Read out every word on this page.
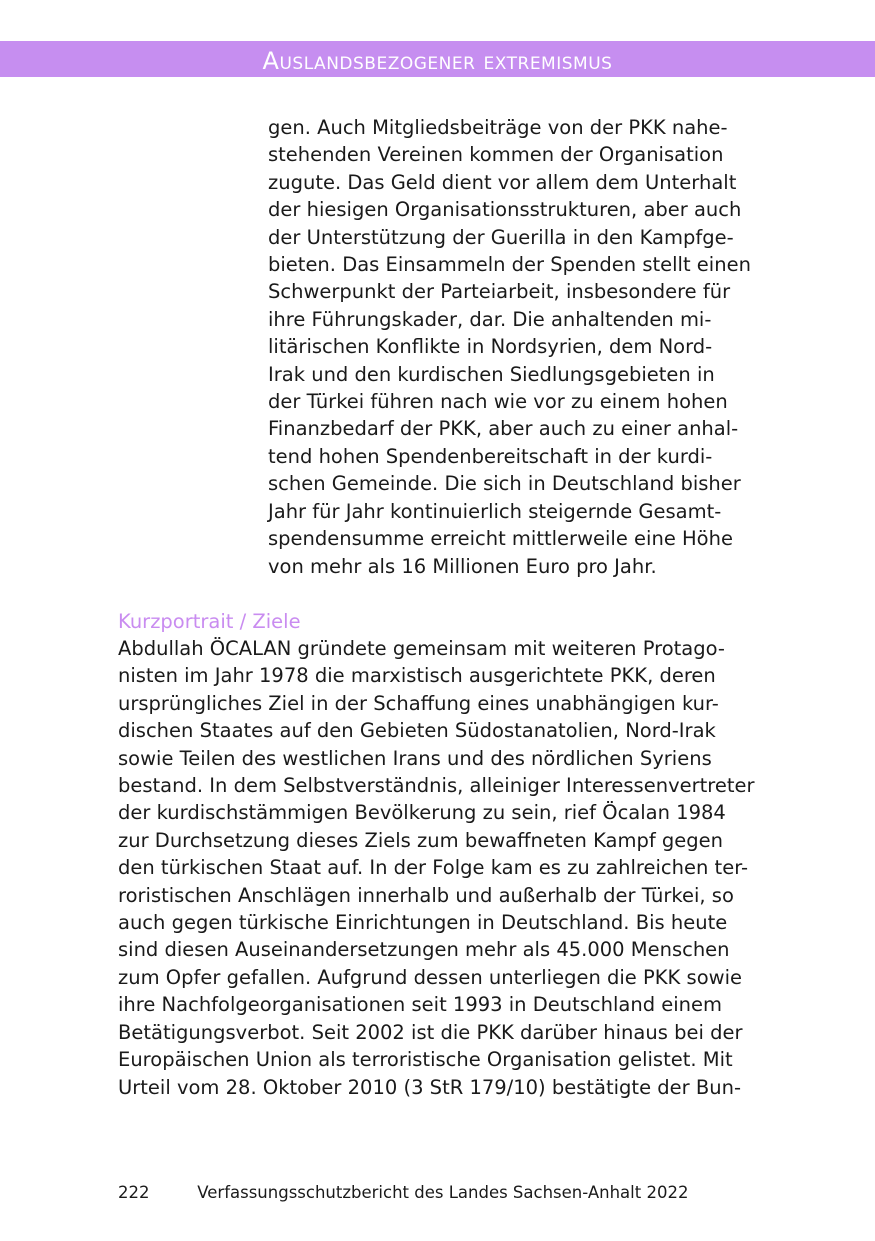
Auslandsbezogener extremismus
gen. Auch Mitgliedsbeiträge von der PKK nahe-
stehenden Vereinen kommen der Organisation
zugute. Das Geld dient vor allem dem Unterhalt
der hiesigen Organisationsstrukturen, aber auch
der Unterstützung der Guerilla in den Kampfge-
bieten. Das Einsammeln der Spenden stellt einen
Schwerpunkt der Parteiarbeit, insbesondere für
ihre Führungskader, dar. Die anhaltenden mi-
litärischen Konflikte in Nordsyrien, dem Nord-
Irak und den kurdischen Siedlungsgebieten in
der Türkei führen nach wie vor zu einem hohen
Finanzbedarf der PKK, aber auch zu einer anhal-
tend hohen Spendenbereitschaft in der kurdi-
schen Gemeinde. Die sich in Deutschland bisher
Jahr für Jahr kontinuierlich steigernde Gesamt-
spendensumme erreicht mittlerweile eine Höhe
von mehr als 16 Millionen Euro pro Jahr.
Kurzportrait / Ziele
Abdullah ÖCALAN gründete gemeinsam mit weiteren Protago-
nisten im Jahr 1978 die marxistisch ausgerichtete PKK, deren
ursprüngliches Ziel in der Schaffung eines unabhängigen kur-
dischen Staates auf den Gebieten Südostanatolien, Nord-Irak
sowie Teilen des westlichen Irans und des nördlichen Syriens
bestand. In dem Selbstverständnis, alleiniger Interessenvertreter
der kurdischstämmigen Bevölkerung zu sein, rief Öcalan 1984
zur Durchsetzung dieses Ziels zum bewaffneten Kampf gegen
den türkischen Staat auf. In der Folge kam es zu zahlreichen ter-
roristischen Anschlägen innerhalb und außerhalb der Türkei, so
auch gegen türkische Einrichtungen in Deutschland. Bis heute
sind diesen Auseinandersetzungen mehr als 45.000 Menschen
zum Opfer gefallen. Aufgrund dessen unterliegen die PKK sowie
ihre Nachfolgeorganisationen seit 1993 in Deutschland einem
Betätigungsverbot. Seit 2002 ist die PKK darüber hinaus bei der
Europäischen Union als terroristische Organisation gelistet. Mit
Urteil vom 28. Oktober 2010 (3 StR 179/10) bestätigte der Bun-
222	Verfassungsschutzbericht des Landes Sachsen-Anhalt 2022
